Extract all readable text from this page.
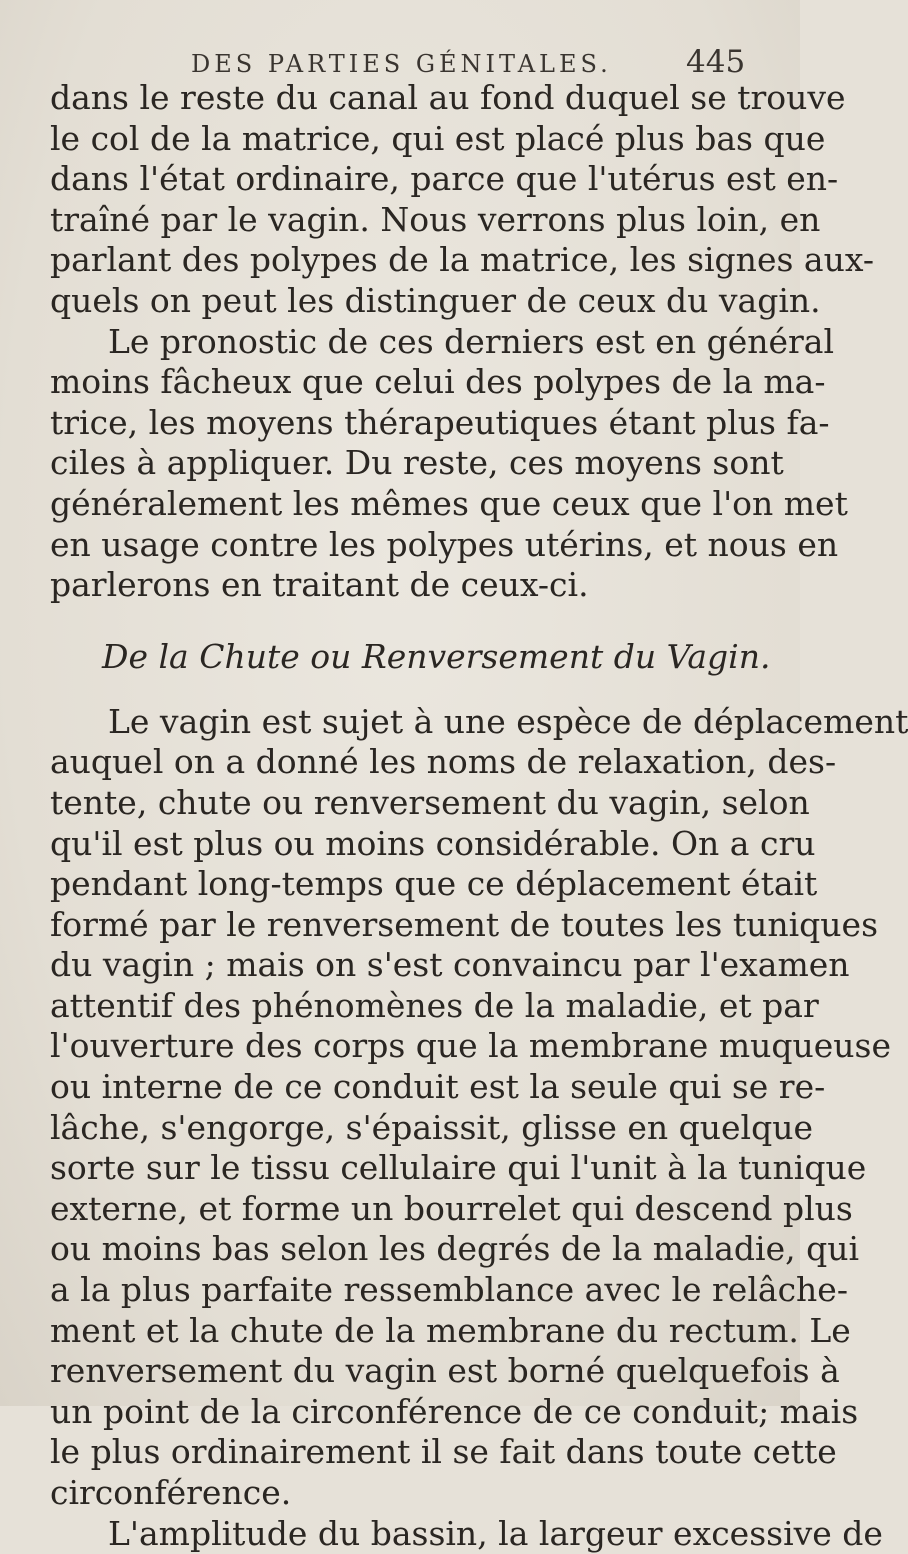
DES PARTIES GÉNITALES. 445
dans le reste du canal au fond duquel se trouve
le col de la matrice, qui est placé plus bas que
dans l'état ordinaire, parce que l'utérus est en-
traîné par le vagin. Nous verrons plus loin, en
parlant des polypes de la matrice, les signes aux-
quels on peut les distinguer de ceux du vagin.
Le pronostic de ces derniers est en général
moins fâcheux que celui des polypes de la ma-
trice, les moyens thérapeutiques étant plus fa-
ciles à appliquer. Du reste, ces moyens sont
généralement les mêmes que ceux que l'on met
en usage contre les polypes utérins, et nous en
parlerons en traitant de ceux-ci.
De la Chute ou Renversement du Vagin.
Le vagin est sujet à une espèce de déplacement
auquel on a donné les noms de relaxation, des-
tente, chute ou renversement du vagin, selon
qu'il est plus ou moins considérable. On a cru
pendant long-temps que ce déplacement était
formé par le renversement de toutes les tuniques
du vagin ; mais on s'est convaincu par l'examen
attentif des phénomènes de la maladie, et par
l'ouverture des corps que la membrane muqueuse
ou interne de ce conduit est la seule qui se re-
lâche, s'engorge, s'épaissit, glisse en quelque
sorte sur le tissu cellulaire qui l'unit à la tunique
externe, et forme un bourrelet qui descend plus
ou moins bas selon les degrés de la maladie, qui
a la plus parfaite ressemblance avec le relâche-
ment et la chute de la membrane du rectum. Le
renversement du vagin est borné quelquefois à
un point de la circonférence de ce conduit; mais
le plus ordinairement il se fait dans toute cette
circonférence.
L'amplitude du bassin, la largeur excessive de
